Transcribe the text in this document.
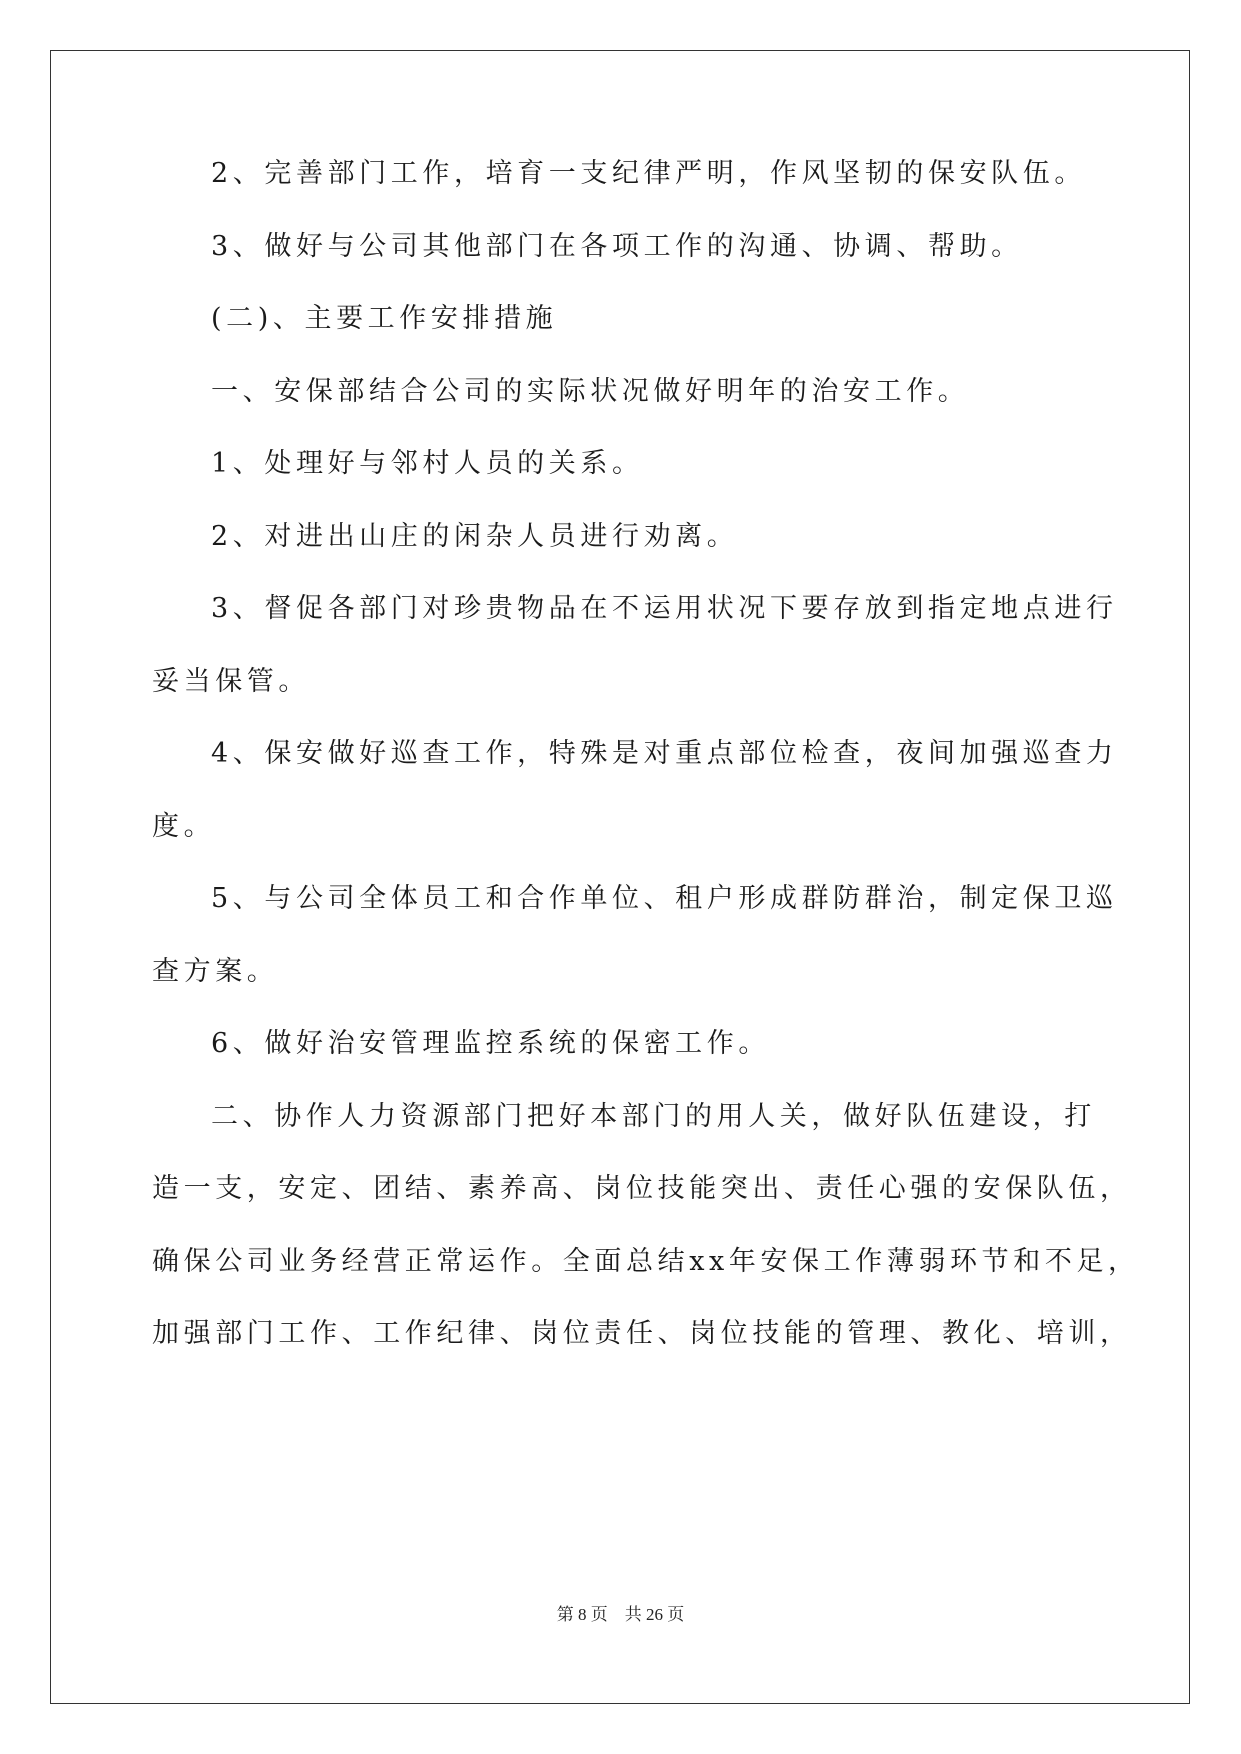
2、完善部门工作，培育一支纪律严明，作风坚韧的保安队伍。
3、做好与公司其他部门在各项工作的沟通、协调、帮助。
(二)、主要工作安排措施
一、安保部结合公司的实际状况做好明年的治安工作。
1、处理好与邻村人员的关系。
2、对进出山庄的闲杂人员进行劝离。
3、督促各部门对珍贵物品在不运用状况下要存放到指定地点进行
妥当保管。
4、保安做好巡查工作，特殊是对重点部位检查，夜间加强巡查力
度。
5、与公司全体员工和合作单位、租户形成群防群治，制定保卫巡
查方案。
6、做好治安管理监控系统的保密工作。
二、协作人力资源部门把好本部门的用人关，做好队伍建设，打
造一支，安定、团结、素养高、岗位技能突出、责任心强的安保队伍，
确保公司业务经营正常运作。全面总结xx年安保工作薄弱环节和不足，
加强部门工作、工作纪律、岗位责任、岗位技能的管理、教化、培训，
第 8 页　共 26 页
